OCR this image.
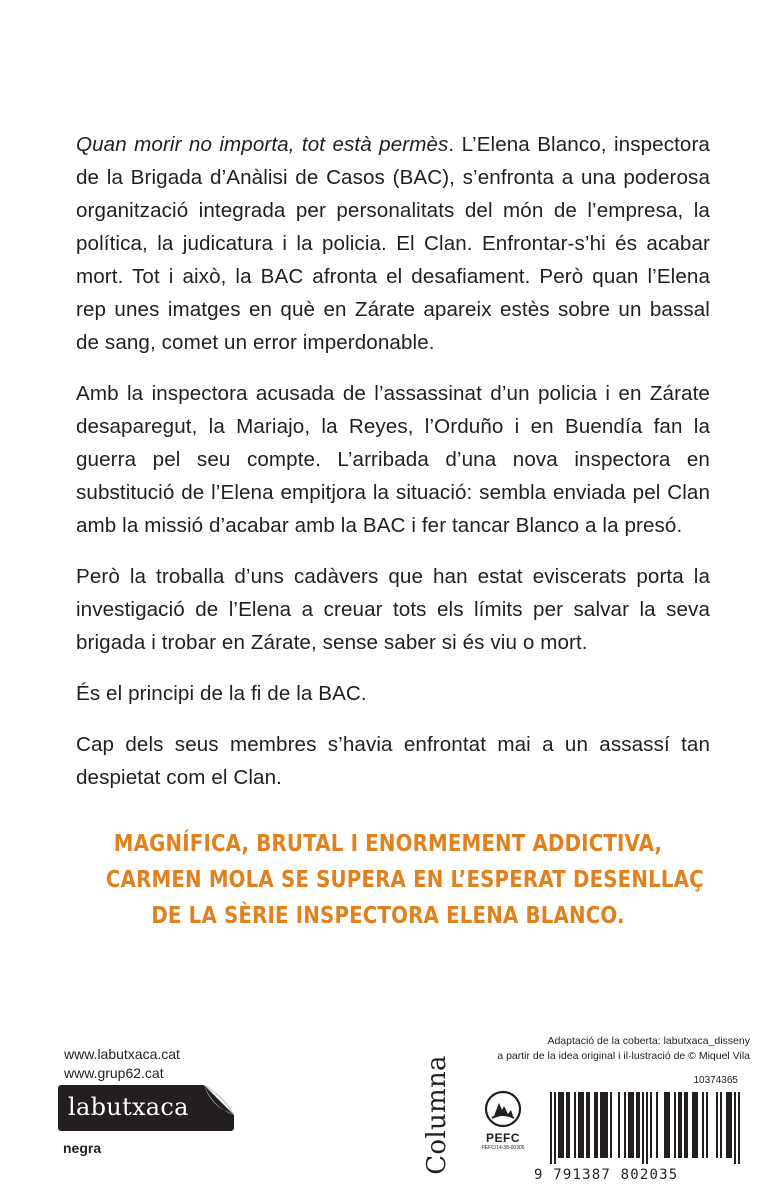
Quan morir no importa, tot està permès. L’Elena Blanco, inspectora de la Brigada d’Anàlisi de Casos (BAC), s’enfronta a una poderosa organització integrada per personalitats del món de l’empresa, la política, la judicatura i la policia. El Clan. Enfrontar-s’hi és acabar mort. Tot i això, la BAC afronta el desafiament. Però quan l’Elena rep unes imatges en què en Zárate apareix estès sobre un bassal de sang, comet un error imperdonable.

Amb la inspectora acusada de l’assassinat d’un policia i en Zárate desaparegut, la Mariajo, la Reyes, l’Orduño i en Buendía fan la guerra pel seu compte. L’arribada d’una nova inspectora en substitució de l’Elena empitjora la situació: sembla enviada pel Clan amb la missió d’acabar amb la BAC i fer tancar Blanco a la presó.

Però la troballa d’uns cadàvers que han estat eviscerats porta la investigació de l’Elena a creuar tots els límits per salvar la seva brigada i trobar en Zárate, sense saber si és viu o mort.

És el principi de la fi de la BAC.

Cap dels seus membres s’havia enfrontat mai a un assassí tan despietat com el Clan.

MAGNÍFICA, BRUTAL I ENORMEMENT ADDICTIVA,
CARMEN MOLA SE SUPERA EN L’ESPERAT DESENLLAÇ
DE LA SÈRIE INSPECTORA ELENA BLANCO.
www.labutxaca.cat
www.grup62.cat
labutxaca
negra	Columna	PEFC
PEFC/14-38-00305
Adaptació de la coberta: labutxaca_disseny
a partir de la idea original i il·lustració de © Miquel Vila
10374365
9 791387 802035
